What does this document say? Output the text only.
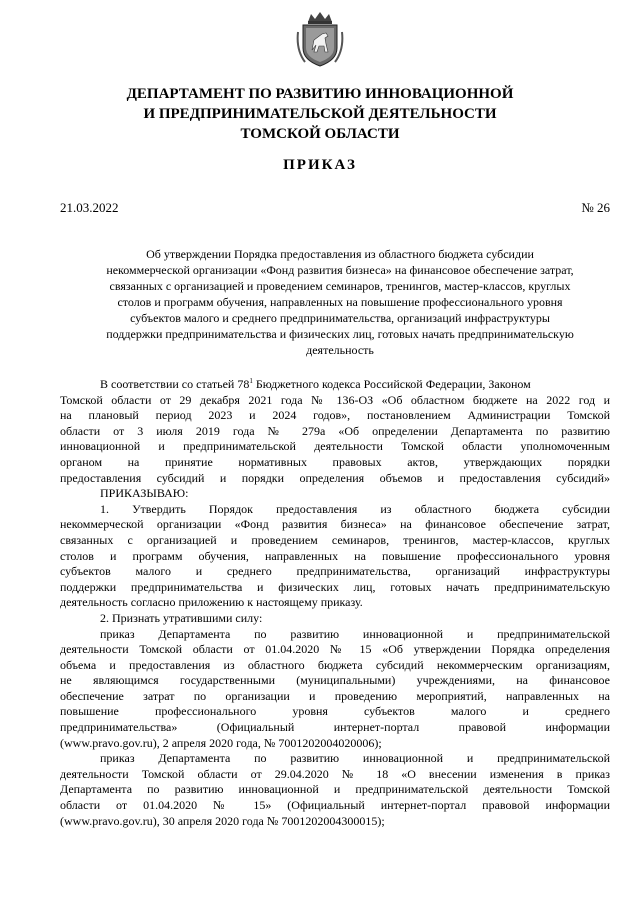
ДЕПАРТАМЕНТ ПО РАЗВИТИЮ ИННОВАЦИОННОЙ
И ПРЕДПРИНИМАТЕЛЬСКОЙ ДЕЯТЕЛЬНОСТИ
ТОМСКОЙ ОБЛАСТИ
ПРИКАЗ
21.03.2022	№ 26
Об утверждении Порядка предоставления из областного бюджета субсидии
некоммерческой организации «Фонд развития бизнеса» на финансовое обеспечение затрат,
связанных с организацией и проведением семинаров, тренингов, мастер-классов, круглых
столов и программ обучения, направленных на повышение профессионального уровня
субъектов малого и среднего предпринимательства, организаций инфраструктуры
поддержки предпринимательства и физических лиц, готовых начать предпринимательскую
деятельность
В соответствии со статьей $78^1$ Бюджетного кодекса Российской Федерации, Законом
Томской области от 29 декабря 2021 года № 136-ОЗ «Об областном бюджете на 2022 год и
на плановый период 2023 и 2024 годов», постановлением Администрации Томской
области от 3 июля 2019 года № 279а «Об определении Департамента по развитию
инновационной и предпринимательской деятельности Томской области уполномоченным
органом на принятие нормативных правовых актов, утверждающих порядки
предоставления субсидий и порядки определения объемов и предоставления субсидий»
ПРИКАЗЫВАЮ:
1. Утвердить Порядок предоставления из областного бюджета субсидии
некоммерческой организации «Фонд развития бизнеса» на финансовое обеспечение затрат,
связанных с организацией и проведением семинаров, тренингов, мастер-классов, круглых
столов и программ обучения, направленных на повышение профессионального уровня
субъектов малого и среднего предпринимательства, организаций инфраструктуры
поддержки предпринимательства и физических лиц, готовых начать предпринимательскую
деятельность согласно приложению к настоящему приказу.
2. Признать утратившими силу:
приказ Департамента по развитию инновационной и предпринимательской
деятельности Томской области от 01.04.2020 № 15 «Об утверждении Порядка определения
объема и предоставления из областного бюджета субсидий некоммерческим организациям,
не являющимся государственными (муниципальными) учреждениями, на финансовое
обеспечение затрат по организации и проведению мероприятий, направленных на
повышение профессионального уровня субъектов малого и среднего
предпринимательства» (Официальный интернет-портал правовой информации
(www.pravo.gov.ru), 2 апреля 2020 года, № 7001202004020006);
приказ Департамента по развитию инновационной и предпринимательской
деятельности Томской области от 29.04.2020 № 18 «О внесении изменения в приказ
Департамента по развитию инновационной и предпринимательской деятельности Томской
области от 01.04.2020 № 15» (Официальный интернет-портал правовой информации
(www.pravo.gov.ru), 30 апреля 2020 года № 7001202004300015);
